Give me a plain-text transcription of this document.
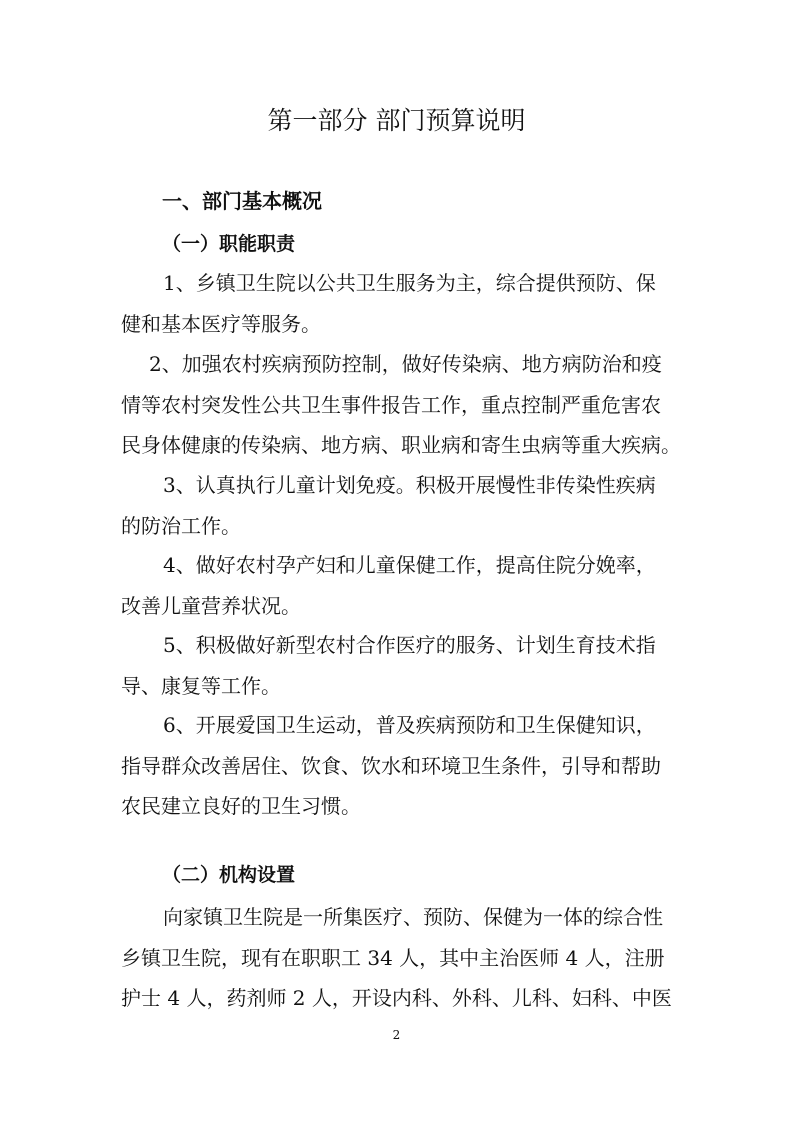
第一部分 部门预算说明
一、部门基本概况
（一）职能职责
1、乡镇卫生院以公共卫生服务为主，综合提供预防、保
健和基本医疗等服务。
2、加强农村疾病预防控制，做好传染病、地方病防治和疫
情等农村突发性公共卫生事件报告工作，重点控制严重危害农
民身体健康的传染病、地方病、职业病和寄生虫病等重大疾病。
3、认真执行儿童计划免疫。积极开展慢性非传染性疾病
的防治工作。
4、做好农村孕产妇和儿童保健工作，提高住院分娩率，
改善儿童营养状况。
5、积极做好新型农村合作医疗的服务、计划生育技术指
导、康复等工作。
6、开展爱国卫生运动，普及疾病预防和卫生保健知识，
指导群众改善居住、饮食、饮水和环境卫生条件，引导和帮助
农民建立良好的卫生习惯。
（二）机构设置
向家镇卫生院是一所集医疗、预防、保健为一体的综合性
乡镇卫生院，现有在职职工 34 人，其中主治医师 4 人，注册
护士 4 人，药剂师 2 人，开设内科、外科、儿科、妇科、中医
2
